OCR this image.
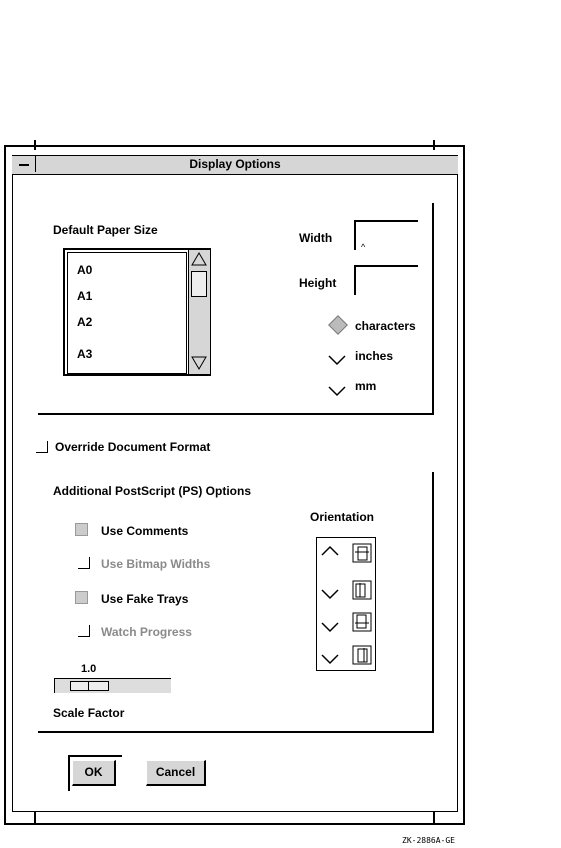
Display Options
Default Paper Size
A0
A1
A2
A3
Width
^
Height
characters
inches
mm
Override Document Format
Additional PostScript (PS) Options
Use Comments
Use Bitmap Widths
Use Fake Trays
Watch Progress
Orientation
1.0
Scale Factor
OK	Cancel
ZK-2886A-GE
